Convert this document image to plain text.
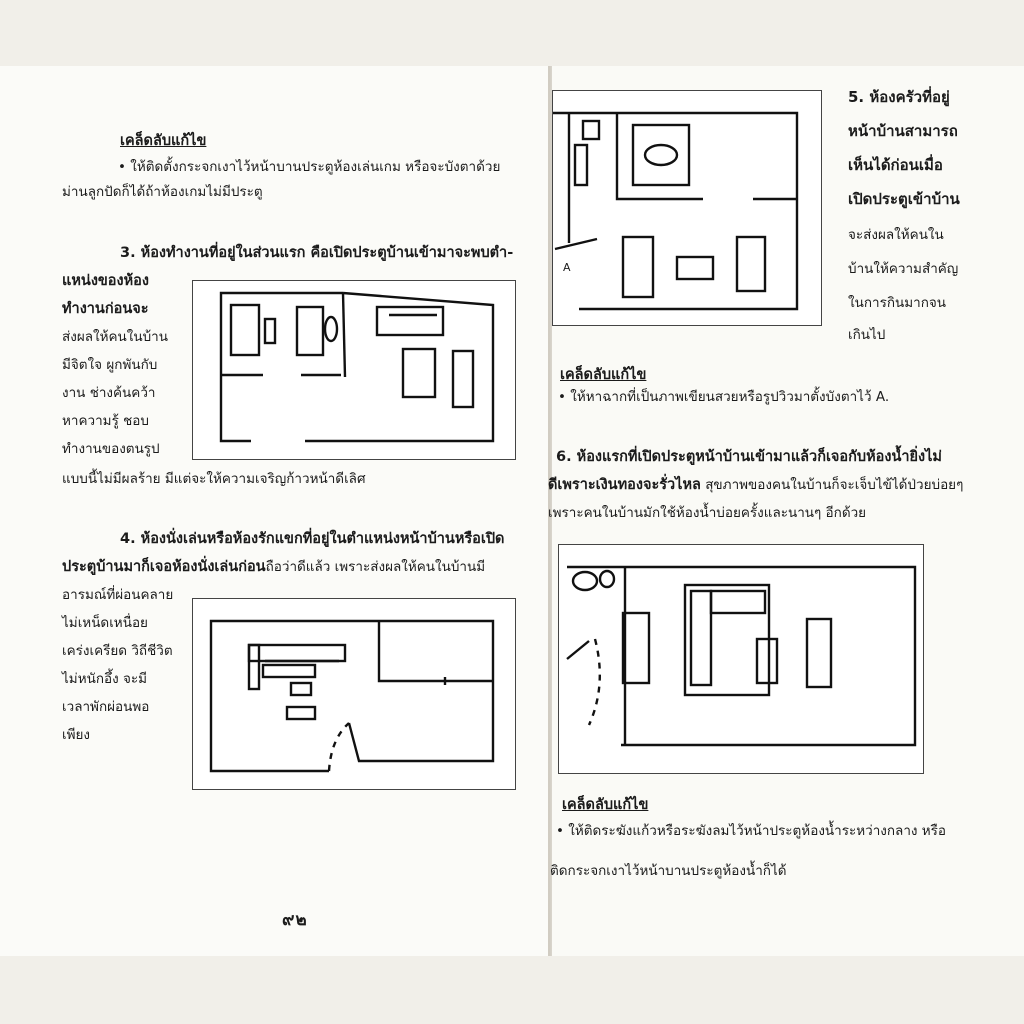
เคล็ดลับแก้ไข
• ให้ติดตั้งกระจกเงาไว้หน้าบานประตูห้องเล่นเกม หรือจะบังตาด้วย
ม่านลูกปัดก็ได้ถ้าห้องเกมไม่มีประตู
3. ห้องทำงานที่อยู่ในส่วนแรก คือเปิดประตูบ้านเข้ามาจะพบตำ-
แหน่งของห้อง
ทำงานก่อนจะ
ส่งผลให้คนในบ้าน
มีจิตใจ ผูกพันกับ
งาน ช่างค้นคว้า
หาความรู้ ชอบ
ทำงานของตนรูป
แบบนี้ไม่มีผลร้าย มีแต่จะให้ความเจริญก้าวหน้าดีเลิศ
4. ห้องนั่งเล่นหรือห้องรักแขกที่อยู่ในตำแหน่งหน้าบ้านหรือเปิด
ประตูบ้านมาก็เจอห้องนั่งเล่นก่อนถือว่าดีแล้ว เพราะส่งผลให้คนในบ้านมี
อารมณ์ที่ผ่อนคลาย
ไม่เหน็ดเหนื่อย
เคร่งเครียด วิถีชีวิต
ไม่หนักอึ้ง จะมี
เวลาพักผ่อนพอ
เพียง
๙๒
A
5. ห้องครัวที่อยู่
หน้าบ้านสามารถ
เห็นได้ก่อนเมื่อ
เปิดประตูเข้าบ้าน
จะส่งผลให้คนใน
บ้านให้ความสำคัญ
ในการกินมากจน
เกินไป
เคล็ดลับแก้ไข
• ให้หาฉากที่เป็นภาพเขียนสวยหรือรูปวิวมาตั้งบังตาไว้ A.
6. ห้องแรกที่เปิดประตูหน้าบ้านเข้ามาแล้วก็เจอกับห้องน้ำยิ่งไม่
ดีเพราะเงินทองจะรั่วไหล สุขภาพของคนในบ้านก็จะเจ็บไข้ได้ป่วยบ่อยๆ
เพราะคนในบ้านมักใช้ห้องน้ำบ่อยครั้งและนานๆ อีกด้วย
เคล็ดลับแก้ไข
• ให้ติดระฆังแก้วหรือระฆังลมไว้หน้าประตูห้องน้ำระหว่างกลาง หรือ
ติดกระจกเงาไว้หน้าบานประตูห้องน้ำก็ได้
